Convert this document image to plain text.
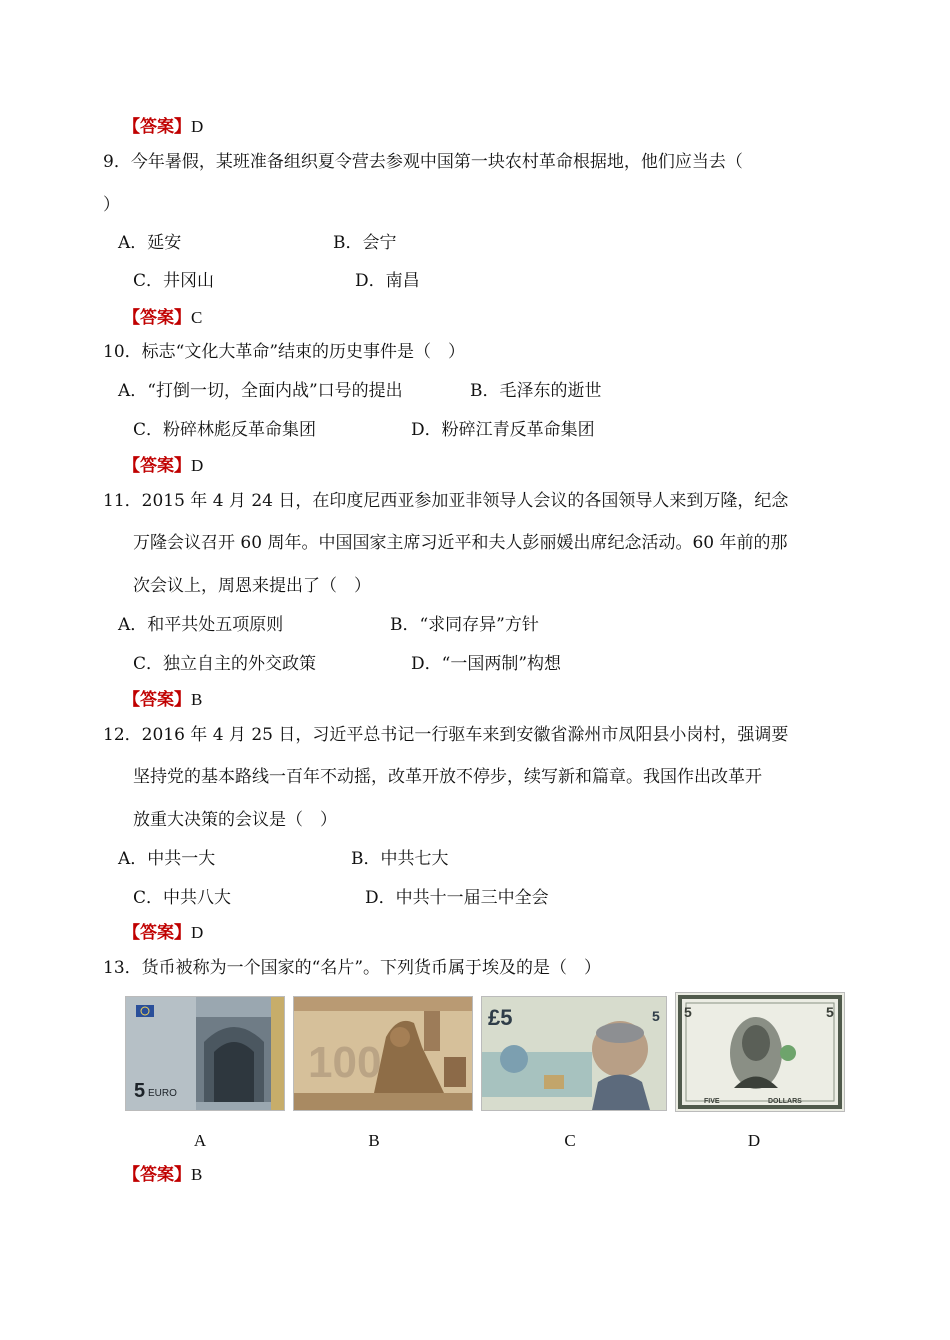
【答案】D
9．今年暑假，某班准备组织夏令营去参观中国第一块农村革命根据地，他们应当去（
）
A．延安	B．会宁
C．井冈山	D．南昌
【答案】C
10．标志“文化大革命”结束的历史事件是（　）
A．“打倒一切，全面内战”口号的提出	B．毛泽东的逝世
C．粉碎林彪反革命集团	D．粉碎江青反革命集团
【答案】D
11．2015 年 4 月 24 日，在印度尼西亚参加亚非领导人会议的各国领导人来到万隆，纪念
万隆会议召开 60 周年。中国国家主席习近平和夫人彭丽媛出席纪念活动。60 年前的那
次会议上，周恩来提出了（　）
A．和平共处五项原则	B．“求同存异”方针
C．独立自主的外交政策	D．“一国两制”构想
【答案】B
12．2016 年 4 月 25 日，习近平总书记一行驱车来到安徽省滁州市凤阳县小岗村，强调要
坚持党的基本路线一百年不动摇，改革开放不停步，续写新和篇章。我国作出改革开
放重大决策的会议是（　）
A．中共一大	B．中共七大
C．中共八大	D．中共十一届三中全会
【答案】D
13．货币被称为一个国家的“名片”。下列货币属于埃及的是（　）
5 EURO
100
£5	5 5	5
FIVE	DOLLARS
A	B	C	D
【答案】B
